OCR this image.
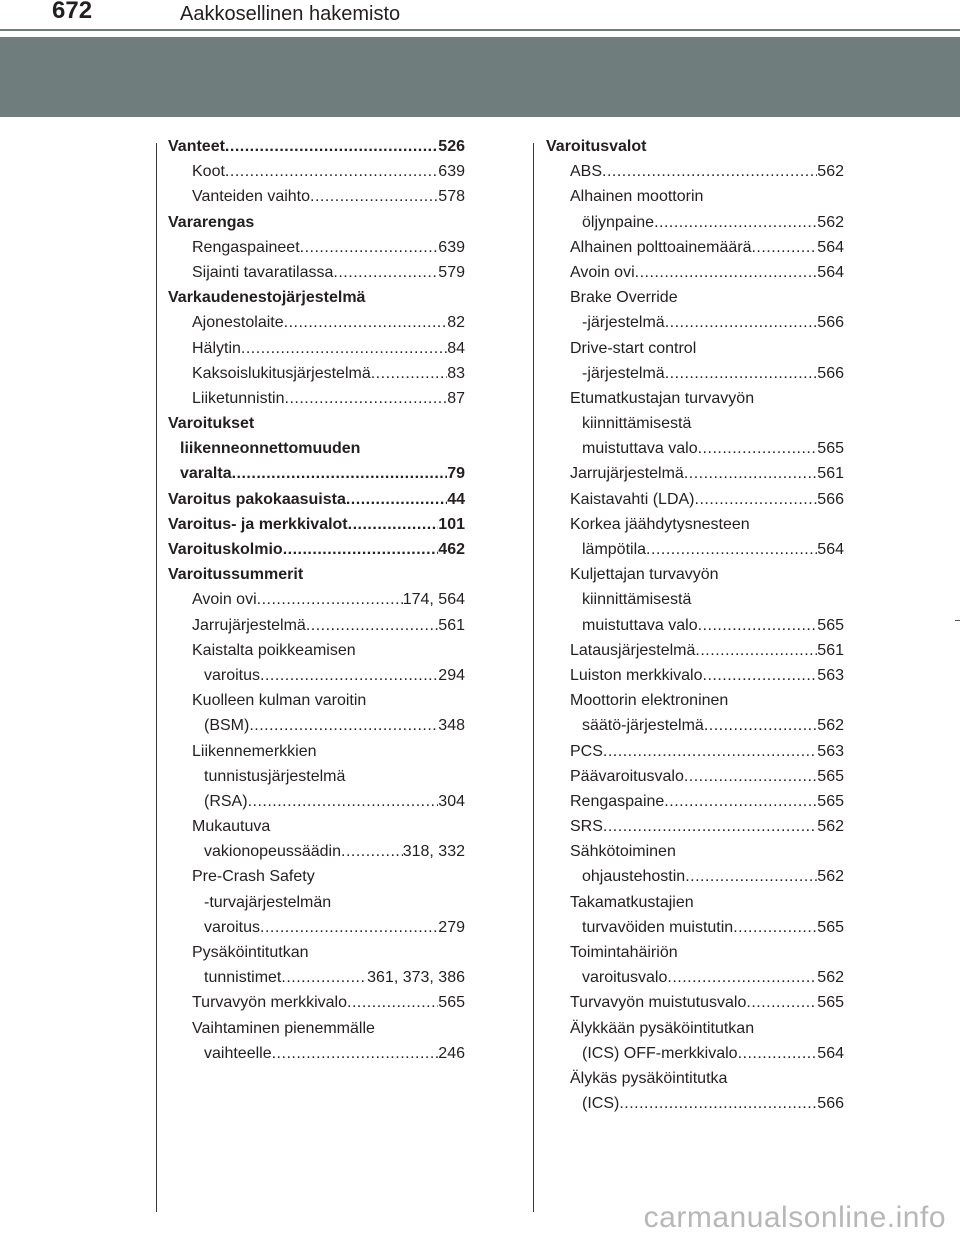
672	Aakkosellinen hakemisto
Vanteet .....	526
Koot .....	639
Vanteiden vaihto .....	578
Vararengas
Rengaspaineet .....	639
Sijainti tavaratilassa .....	579
Varkaudenestojärjestelmä
Ajonestolaite .....	82
Hälytin .....	84
Kaksoislukitusjärjestelmä .....	83
Liiketunnistin .....	87
Varoitukset
liikenneonnettomuuden
varalta .....	79
Varoitus pakokaasuista .....	44
Varoitus- ja merkkivalot .....	101
Varoituskolmio .....	462
Varoitussummerit
Avoin ovi .....	174, 564
Jarrujärjestelmä .....	561
Kaistalta poikkeamisen
varoitus .....	294
Kuolleen kulman varoitin
(BSM) .....	348
Liikennemerkkien
tunnistusjärjestelmä
(RSA) .....	304
Mukautuva
vakionopeussäädin .....	318, 332
Pre-Crash Safety
-turvajärjestelmän
varoitus .....	279
Pysäköintitutkan
tunnistimet .....	361, 373, 386
Turvavyön merkkivalo .....	565
Vaihtaminen pienemmälle
vaihteelle .....	246
Varoitusvalot
ABS .....	562
Alhainen moottorin
öljynpaine .....	562
Alhainen polttoainemäärä .....	564
Avoin ovi .....	564
Brake Override
-järjestelmä .....	566
Drive-start control
-järjestelmä .....	566
Etumatkustajan turvavyön
kiinnittämisestä
muistuttava valo .....	565
Jarrujärjestelmä .....	561
Kaistavahti (LDA) .....	566
Korkea jäähdytysnesteen
lämpötila .....	564
Kuljettajan turvavyön
kiinnittämisestä
muistuttava valo .....	565
Latausjärjestelmä .....	561
Luiston merkkivalo .....	563
Moottorin elektroninen
säätö-järjestelmä .....	562
PCS .....	563
Päävaroitusvalo .....	565
Rengaspaine .....	565
SRS .....	562
Sähkötoiminen
ohjaustehostin .....	562
Takamatkustajien
turvavöiden muistutin .....	565
Toimintahäiriön
varoitusvalo .....	562
Turvavyön muistutusvalo .....	565
Älykkään pysäköintitutkan
(ICS) OFF-merkkivalo .....	564
Älykäs pysäköintitutka
(ICS) .....	566
carmanualsonline.info
